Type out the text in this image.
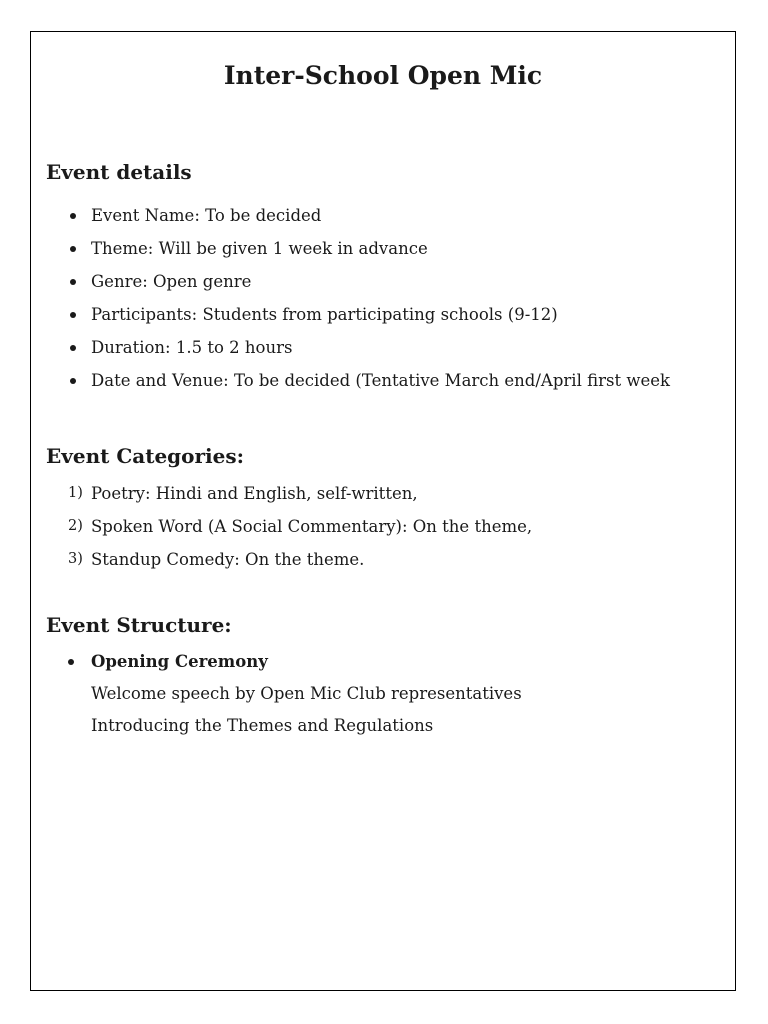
Inter-School Open Mic
Event details
Event Name: To be decided
Theme: Will be given 1 week in advance
Genre: Open genre
Participants: Students from participating schools (9-12)
Duration: 1.5 to 2 hours
Date and Venue: To be decided (Tentative March end/April first week
Event Categories:
1) Poetry: Hindi and English, self-written,
2) Spoken Word (A Social Commentary): On the theme,
3) Standup Comedy: On the theme.
Event Structure:
Opening Ceremony
Welcome speech by Open Mic Club representatives
Introducing the Themes and Regulations
